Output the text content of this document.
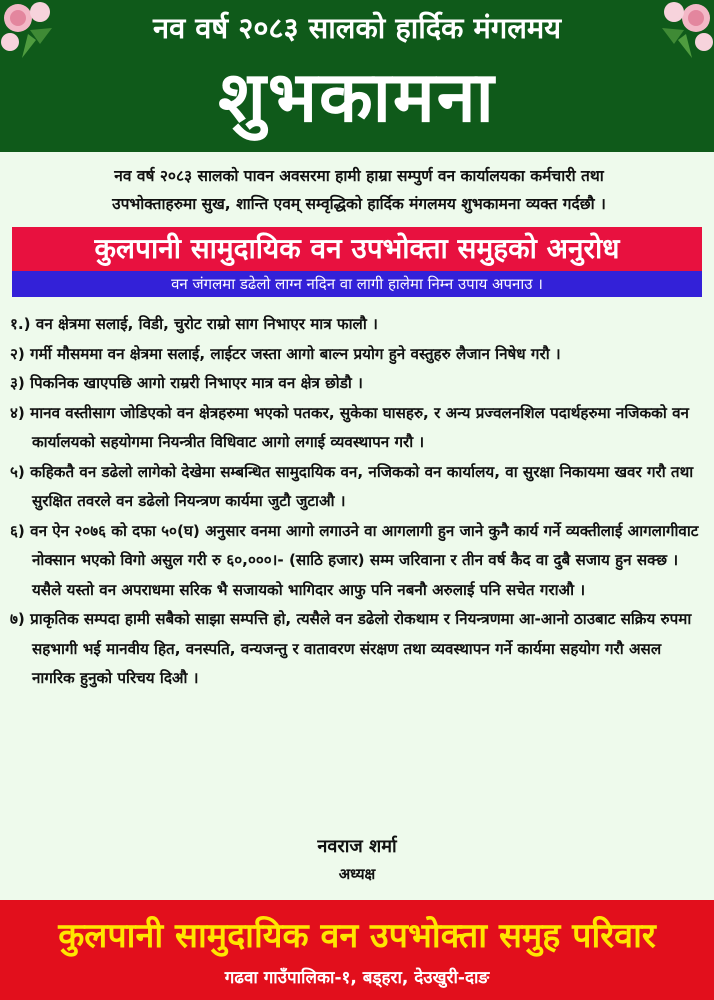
नव वर्ष २०८३ सालको हार्दिक मंगलमय
शुभकामना
नव वर्ष २०८३ सालको पावन अवसरमा हामी हाम्रा सम्पुर्ण वन कार्यालयका कर्मचारी तथा
उपभोक्ताहरुमा सुख, शान्ति एवम् सम्वृद्धिको हार्दिक मंगलमय शुभकामना व्यक्त गर्दछौ ।
कुलपानी सामुदायिक वन उपभोक्ता समुहको अनुरोध
वन जंगलमा डढेलो लाग्न नदिन वा लागी हालेमा निम्न उपाय अपनाउ ।
१.) वन क्षेत्रमा सलाई, विडी, चुरोट राम्रो साग निभाएर मात्र फालौ ।
२) गर्मी मौसममा वन क्षेत्रमा सलाई, लाईटर जस्ता आगो बाल्न प्रयोग हुने वस्तुहरु लैजान निषेध गरौ ।
३) पिकनिक खाएपछि आगो राम्ररी निभाएर मात्र वन क्षेत्र छोडौ ।
४) मानव वस्तीसाग जोडिएको वन क्षेत्रहरुमा भएको पतकर, सुकेका घासहरु, र अन्य प्रज्वलनशिल पदार्थहरुमा नजिकको वन कार्यालयको सहयोगमा नियन्त्रीत विधिवाट आगो लगाई व्यवस्थापन गरौ ।
५) कहिकतै वन डढेलो लागेको देखेमा सम्बन्धित सामुदायिक वन, नजिकको वन कार्यालय, वा सुरक्षा निकायमा खवर गरौ तथा सुरक्षित तवरले वन डढेलो नियन्त्रण कार्यमा जुटौ जुटाऔ ।
६) वन ऐन २०७६ को दफा ५०(घ) अनुसार वनमा आगो लगाउने वा आगलागी हुन जाने कुनै कार्य गर्ने व्यक्तीलाई आगलागीवाट नोक्सान भएको विगो असुल गरी रु ६०,०००।- (साठि हजार) सम्म जरिवाना र तीन वर्ष कैद वा दुबै सजाय हुन सक्छ । यसैले यस्तो वन अपराधमा सरिक भै सजायको भागिदार आफु पनि नबनौ अरुलाई पनि सचेत गराऔ ।
७) प्राकृतिक सम्पदा हामी सबैको साझा सम्पत्ति हो, त्यसैले वन डढेलो रोकथाम र नियन्त्रणमा आ-आनो ठाउबाट सक्रिय रुपमा सहभागी भई मानवीय हित, वनस्पति, वन्यजन्तु र वातावरण संरक्षण तथा व्यवस्थापन गर्ने कार्यमा सहयोग गरौ असल नागरिक हुनुको परिचय दिऔ ।
नवराज शर्मा
अध्यक्ष
कुलपानी सामुदायिक वन उपभोक्ता समुह परिवार
गढवा गाउँपालिका-१, बड्हरा, देउखुरी-दाङ
